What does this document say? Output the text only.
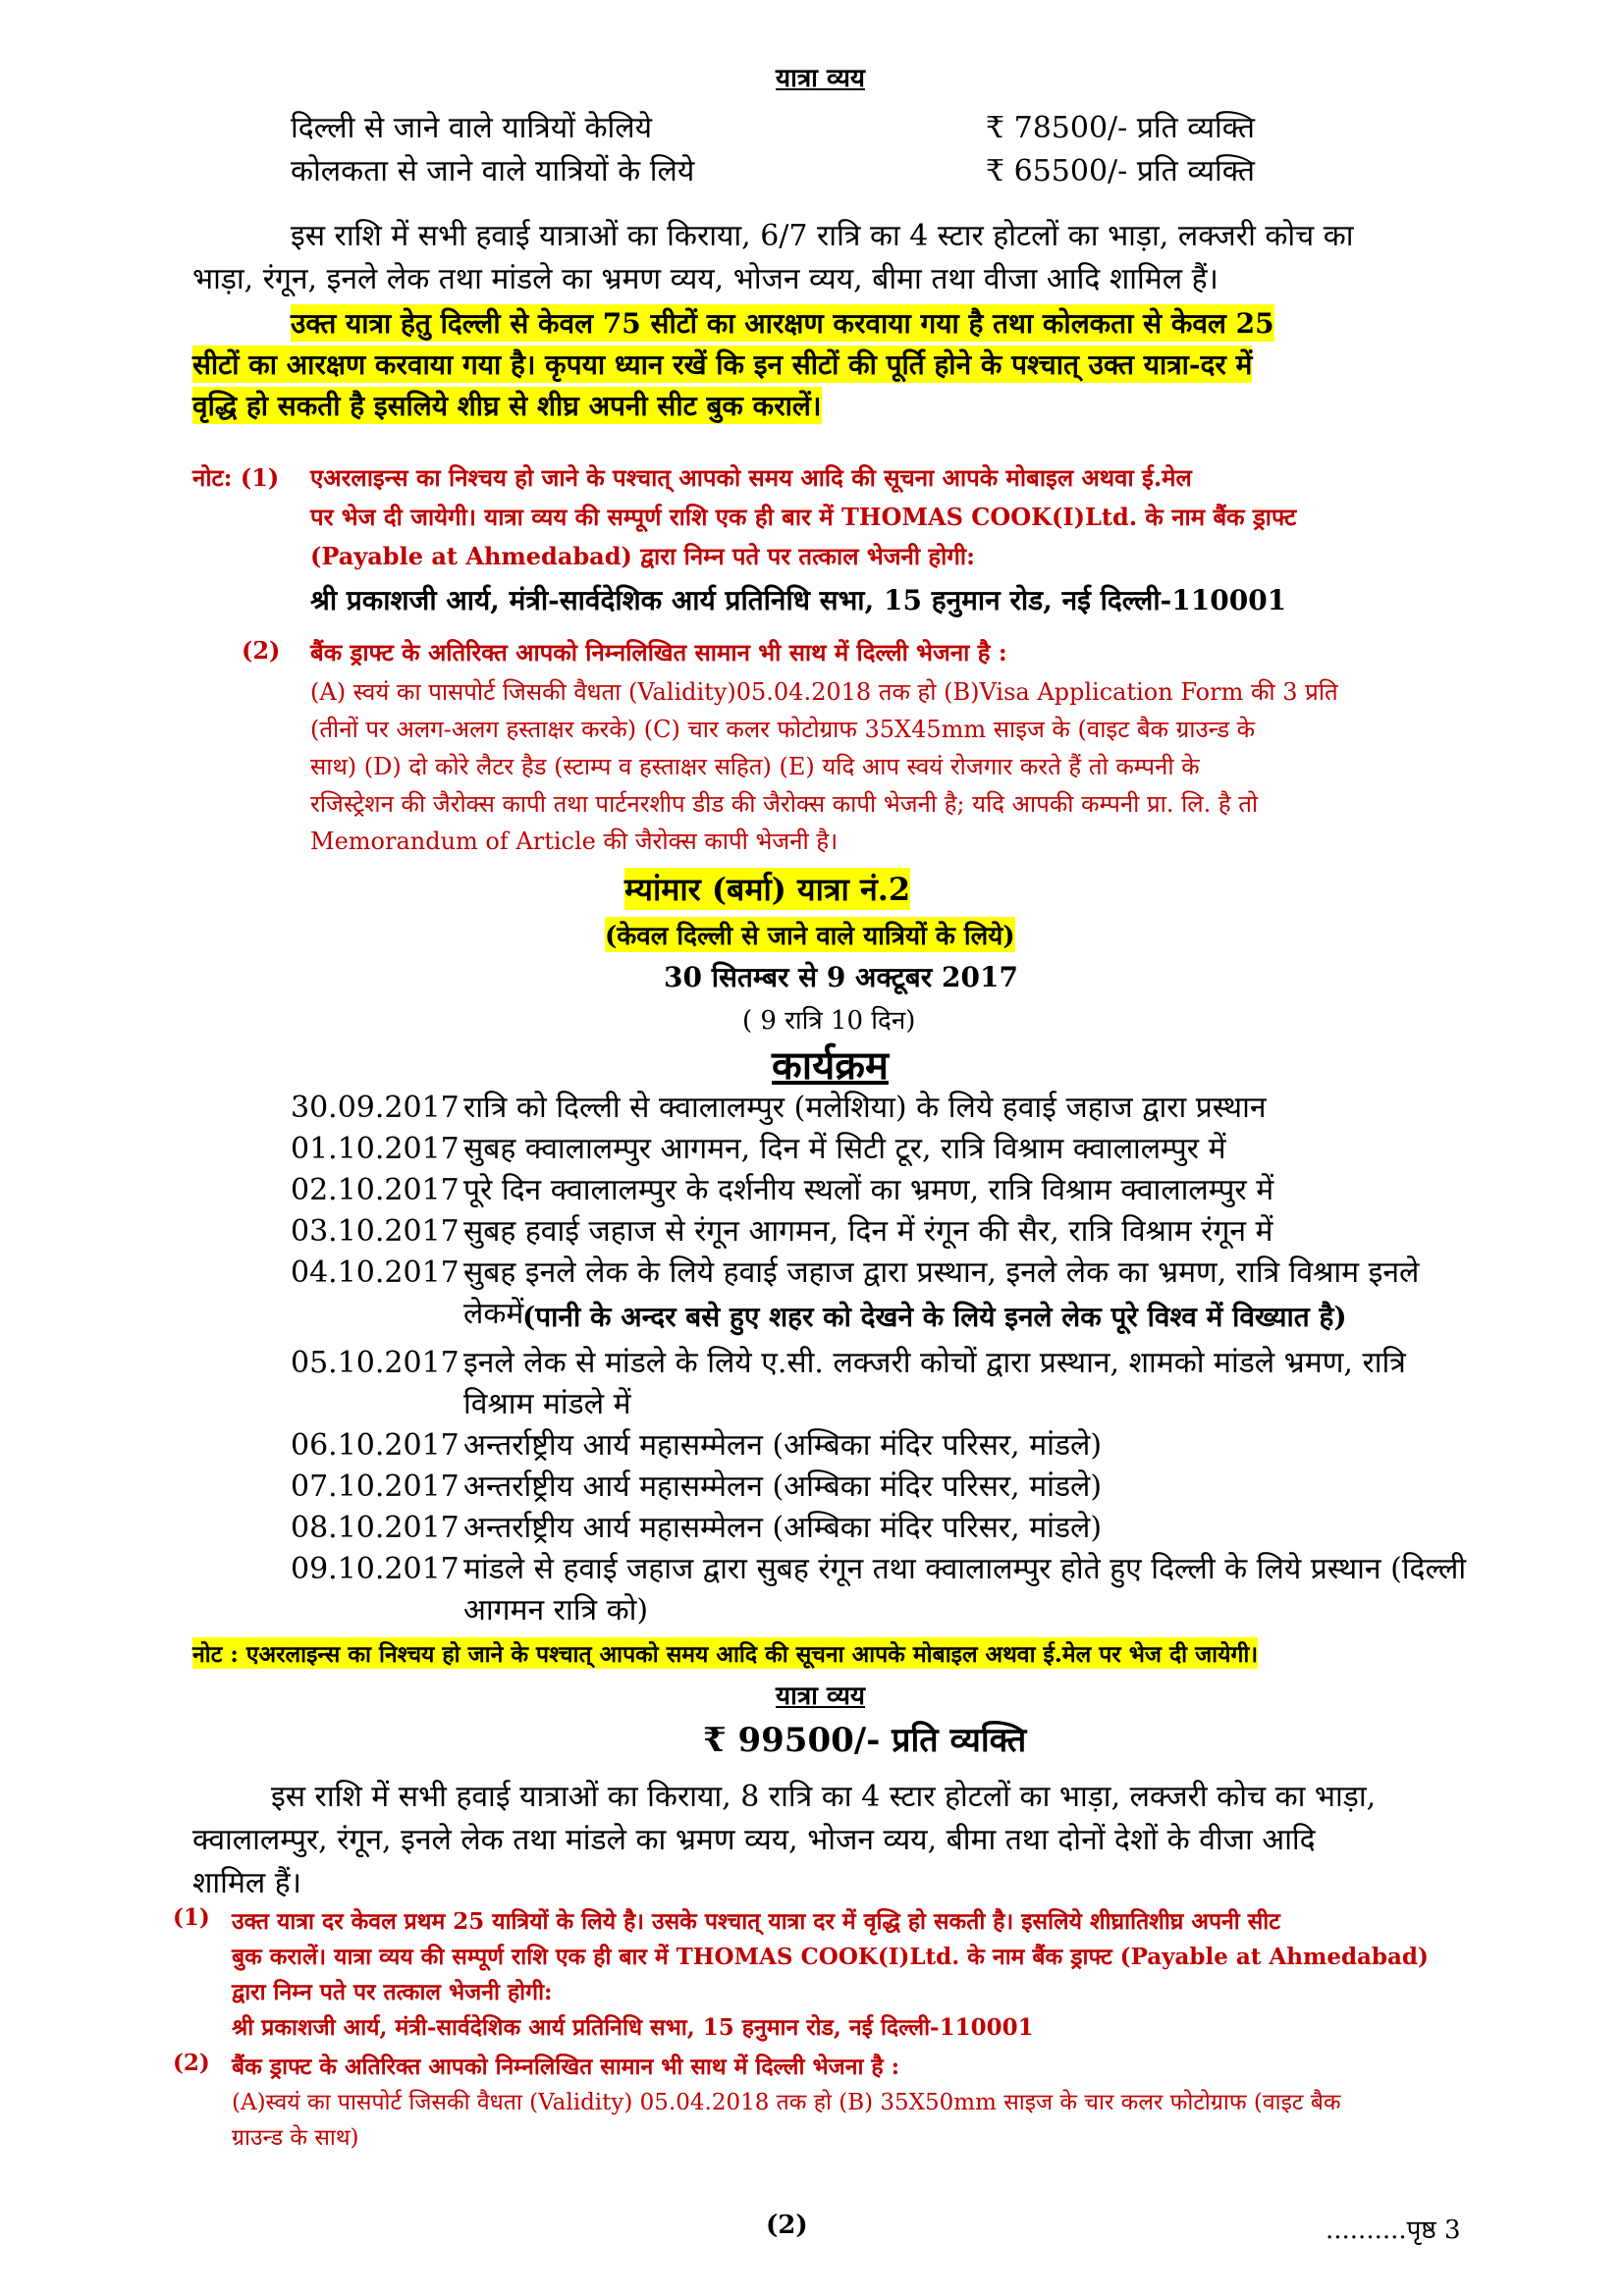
यात्रा व्यय
दिल्ली से जाने वाले यात्रियों केलिये	₹ 78500/- प्रति व्यक्ति
कोलकता से जाने वाले यात्रियों के लिये	₹ 65500/- प्रति व्यक्ति
इस राशि में सभी हवाई यात्राओं का किराया, 6/7 रात्रि का 4 स्टार होटलों का भाड़ा, लक्जरी कोच का
भाड़ा, रंगून, इनले लेक तथा मांडले का भ्रमण व्यय, भोजन व्यय, बीमा तथा वीजा आदि शामिल हैं।
उक्त यात्रा हेतु दिल्ली से केवल 75 सीटों का आरक्षण करवाया गया है तथा कोलकता से केवल 25
सीटों का आरक्षण करवाया गया है। कृपया ध्यान रखें कि इन सीटों की पूर्ति होने के पश्चात् उक्त यात्रा-दर में
वृद्धि हो सकती है इसलिये शीघ्र से शीघ्र अपनी सीट बुक करालें।
नोट: (1) एअरलाइन्स का निश्चय हो जाने के पश्चात् आपको समय आदि की सूचना आपके मोबाइल अथवा ई.मेल
पर भेज दी जायेगी। यात्रा व्यय की सम्पूर्ण राशि एक ही बार में THOMAS COOK(I)Ltd. के नाम बैंक ड्राफ्ट
(Payable at Ahmedabad) द्वारा निम्न पते पर तत्काल भेजनी होगी:
श्री प्रकाशजी आर्य, मंत्री-सार्वदेशिक आर्य प्रतिनिधि सभा, 15 हनुमान रोड, नई दिल्ली-110001
(2) बैंक ड्राफ्ट के अतिरिक्त आपको निम्नलिखित सामान भी साथ में दिल्ली भेजना है :
(A) स्वयं का पासपोर्ट जिसकी वैधता (Validity)05.04.2018 तक हो (B)Visa Application Form की 3 प्रति
(तीनों पर अलग-अलग हस्ताक्षर करके) (C) चार कलर फोटोग्राफ 35X45mm साइज के (वाइट बैक ग्राउन्ड के
साथ) (D) दो कोरे लैटर हैड (स्टाम्प व हस्ताक्षर सहित) (E) यदि आप स्वयं रोजगार करते हैं तो कम्पनी के
रजिस्ट्रेशन की जैरोक्स कापी तथा पार्टनरशीप डीड की जैरोक्स कापी भेजनी है; यदि आपकी कम्पनी प्रा. लि. है तो
Memorandum of Article की जैरोक्स कापी भेजनी है।
म्यांमार (बर्मा) यात्रा नं.2
(केवल दिल्ली से जाने वाले यात्रियों के लिये)
30 सितम्बर से 9 अक्टूबर 2017
( 9 रात्रि 10 दिन)
कार्यक्रम
30.09.2017 रात्रि को दिल्ली से क्वालालम्पुर (मलेशिया) के लिये हवाई जहाज द्वारा प्रस्थान
01.10.2017 सुबह क्वालालम्पुर आगमन, दिन में सिटी टूर, रात्रि विश्राम क्वालालम्पुर में
02.10.2017 पूरे दिन क्वालालम्पुर के दर्शनीय स्थलों का भ्रमण, रात्रि विश्राम क्वालालम्पुर में
03.10.2017 सुबह हवाई जहाज से रंगून आगमन, दिन में रंगून की सैर, रात्रि विश्राम रंगून में
04.10.2017 सुबह इनले लेक के लिये हवाई जहाज द्वारा प्रस्थान, इनले लेक का भ्रमण, रात्रि विश्राम इनले लेकमें
(पानी के अन्दर बसे हुए शहर को देखने के लिये इनले लेक पूरे विश्व में विख्यात है)
05.10.2017 इनले लेक से मांडले के लिये ए.सी. लक्जरी कोचों द्वारा प्रस्थान, शामको मांडले भ्रमण, रात्रि
विश्राम मांडले में
06.10.2017 अन्तर्राष्ट्रीय आर्य महासम्मेलन (अम्बिका मंदिर परिसर, मांडले)
07.10.2017 अन्तर्राष्ट्रीय आर्य महासम्मेलन (अम्बिका मंदिर परिसर, मांडले)
08.10.2017 अन्तर्राष्ट्रीय आर्य महासम्मेलन (अम्बिका मंदिर परिसर, मांडले)
09.10.2017 मांडले से हवाई जहाज द्वारा सुबह रंगून तथा क्वालालम्पुर होते हुए दिल्ली के लिये प्रस्थान (दिल्ली
आगमन रात्रि को)
नोट : एअरलाइन्स का निश्चय हो जाने के पश्चात् आपको समय आदि की सूचना आपके मोबाइल अथवा ई.मेल पर भेज दी जायेगी।
यात्रा व्यय
₹ 99500/- प्रति व्यक्ति
इस राशि में सभी हवाई यात्राओं का किराया, 8 रात्रि का 4 स्टार होटलों का भाड़ा, लक्जरी कोच का भाड़ा,
क्वालालम्पुर, रंगून, इनले लेक तथा मांडले का भ्रमण व्यय, भोजन व्यय, बीमा तथा दोनों देशों के वीजा आदि
शामिल हैं।
(1) उक्त यात्रा दर केवल प्रथम 25 यात्रियों के लिये है। उसके पश्चात् यात्रा दर में वृद्धि हो सकती है। इसलिये शीघ्रातिशीघ्र अपनी सीट
बुक करालें। यात्रा व्यय की सम्पूर्ण राशि एक ही बार में THOMAS COOK(I)Ltd. के नाम बैंक ड्राफ्ट (Payable at Ahmedabad)
द्वारा निम्न पते पर तत्काल भेजनी होगी:
श्री प्रकाशजी आर्य, मंत्री-सार्वदेशिक आर्य प्रतिनिधि सभा, 15 हनुमान रोड, नई दिल्ली-110001
(2) बैंक ड्राफ्ट के अतिरिक्त आपको निम्नलिखित सामान भी साथ में दिल्ली भेजना है :
(A)स्वयं का पासपोर्ट जिसकी वैधता (Validity) 05.04.2018 तक हो (B) 35X50mm साइज के चार कलर फोटोग्राफ (वाइट बैक
ग्राउन्ड के साथ)
(2)	..........पृष्ठ 3
